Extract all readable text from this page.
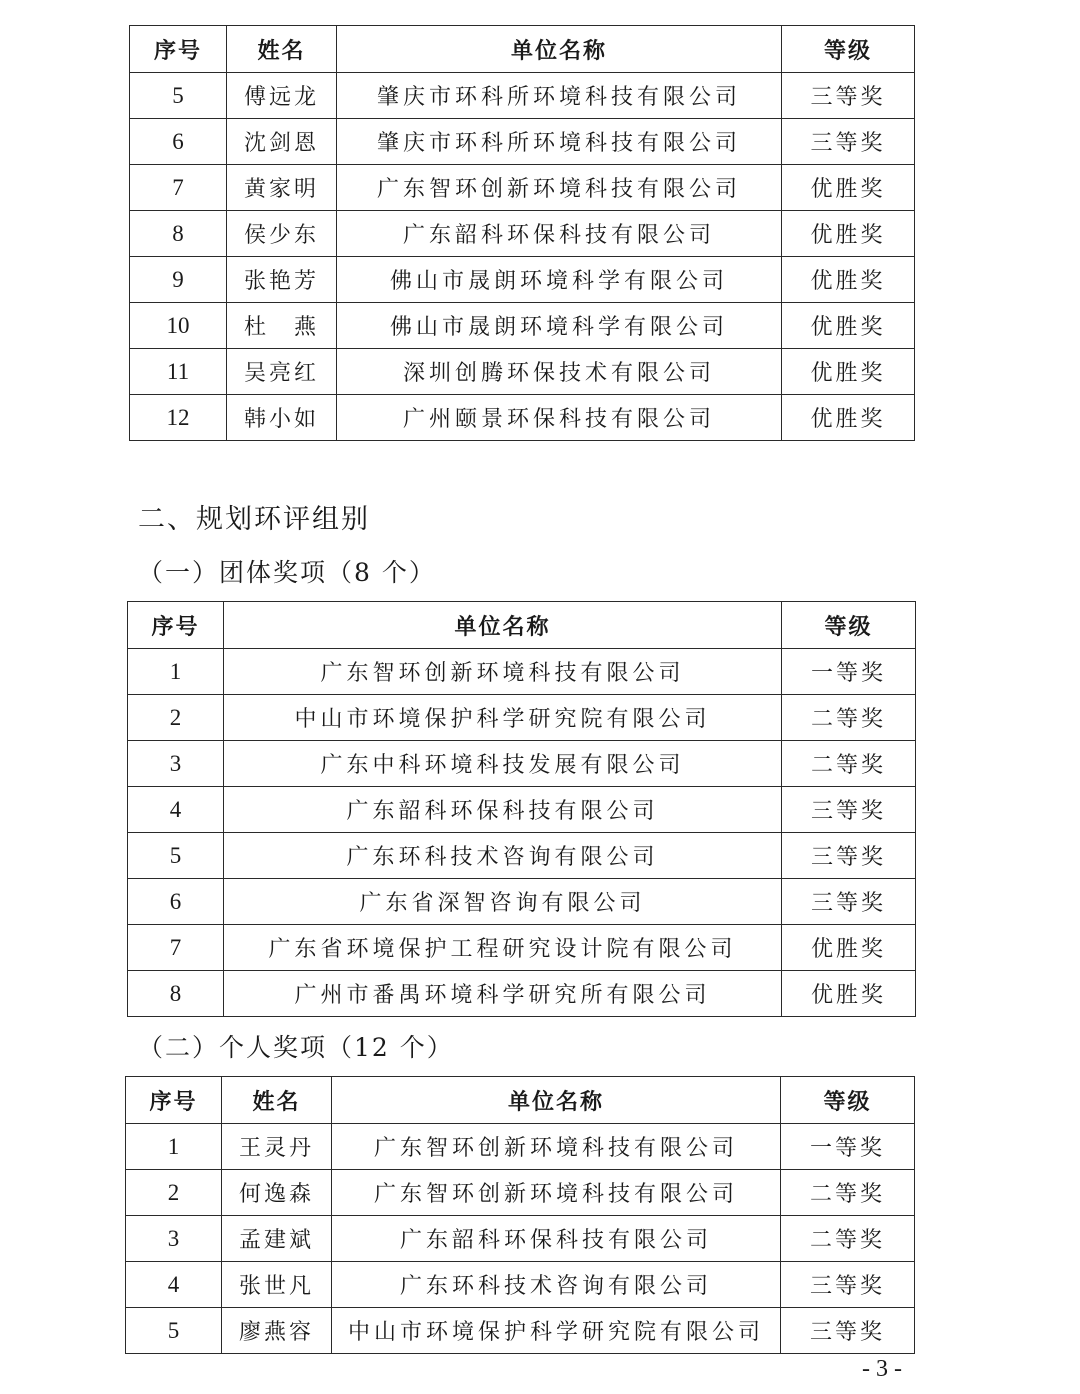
序号	姓名	单位名称	等级
5	傅远龙	肇庆市环科所环境科技有限公司	三等奖
6	沈剑恩	肇庆市环科所环境科技有限公司	三等奖
7	黄家明	广东智环创新环境科技有限公司	优胜奖
8	侯少东	广东韶科环保科技有限公司	优胜奖
9	张艳芳	佛山市晟朗环境科学有限公司	优胜奖
10	杜　燕	佛山市晟朗环境科学有限公司	优胜奖
11	吴亮红	深圳创腾环保技术有限公司	优胜奖
12	韩小如	广州颐景环保科技有限公司	优胜奖
二、规划环评组别
（一）团体奖项（8 个）
序号	单位名称	等级
1	广东智环创新环境科技有限公司	一等奖
2	中山市环境保护科学研究院有限公司	二等奖
3	广东中科环境科技发展有限公司	二等奖
4	广东韶科环保科技有限公司	三等奖
5	广东环科技术咨询有限公司	三等奖
6	广东省深智咨询有限公司	三等奖
7	广东省环境保护工程研究设计院有限公司	优胜奖
8	广州市番禺环境科学研究所有限公司	优胜奖
（二）个人奖项（12 个）
序号	姓名	单位名称	等级
1	王灵丹	广东智环创新环境科技有限公司	一等奖
2	何逸森	广东智环创新环境科技有限公司	二等奖
3	孟建斌	广东韶科环保科技有限公司	二等奖
4	张世凡	广东环科技术咨询有限公司	三等奖
5	廖燕容	中山市环境保护科学研究院有限公司	三等奖
- 3 -
